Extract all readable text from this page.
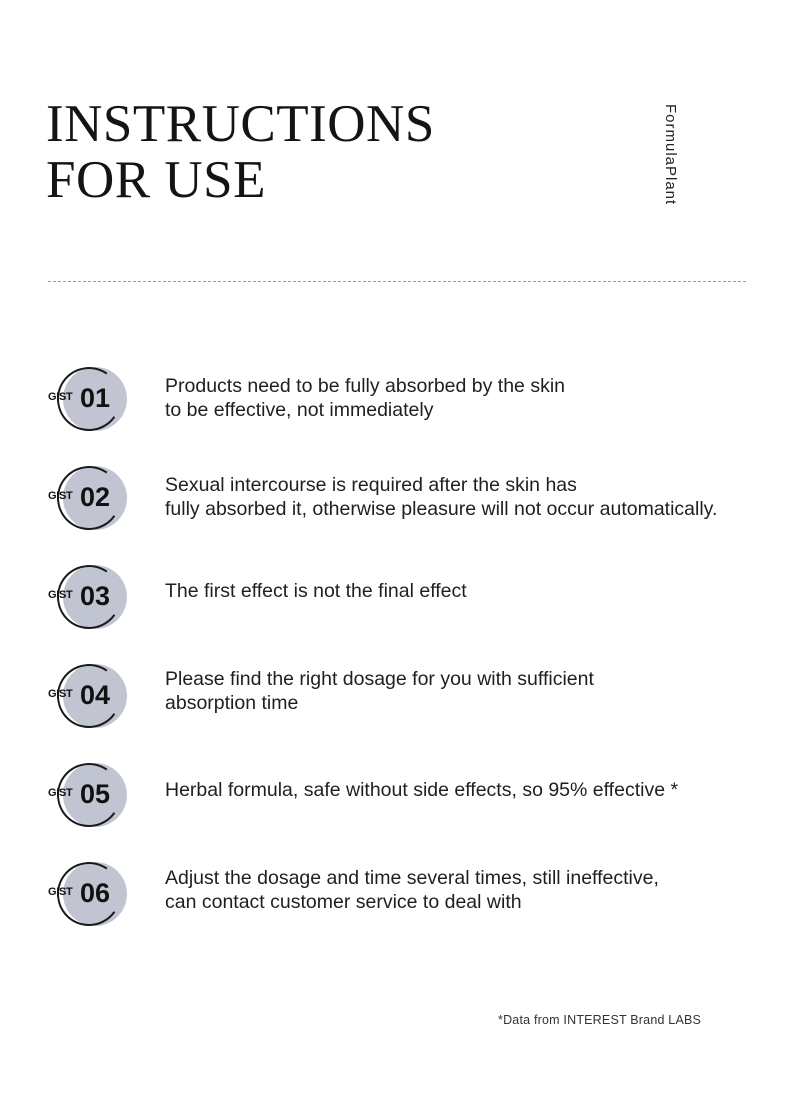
INSTRUCTIONS
FOR USE	Plant
Formula
GIST 01	Products need to be fully absorbed by the skin
to be effective, not immediately
GIST 02	Sexual intercourse is required after the skin has
fully absorbed it, otherwise pleasure will not occur automatically.
GIST 03	The first effect is not the final effect
GIST 04
Please find the right dosage for you with sufficient
absorption time
GIST 05	Herbal formula, safe without side effects, so 95% effective *
GIST 06	Adjust the dosage and time several times, still ineffective,
can contact customer service to deal with
*Data from INTEREST Brand LABS
